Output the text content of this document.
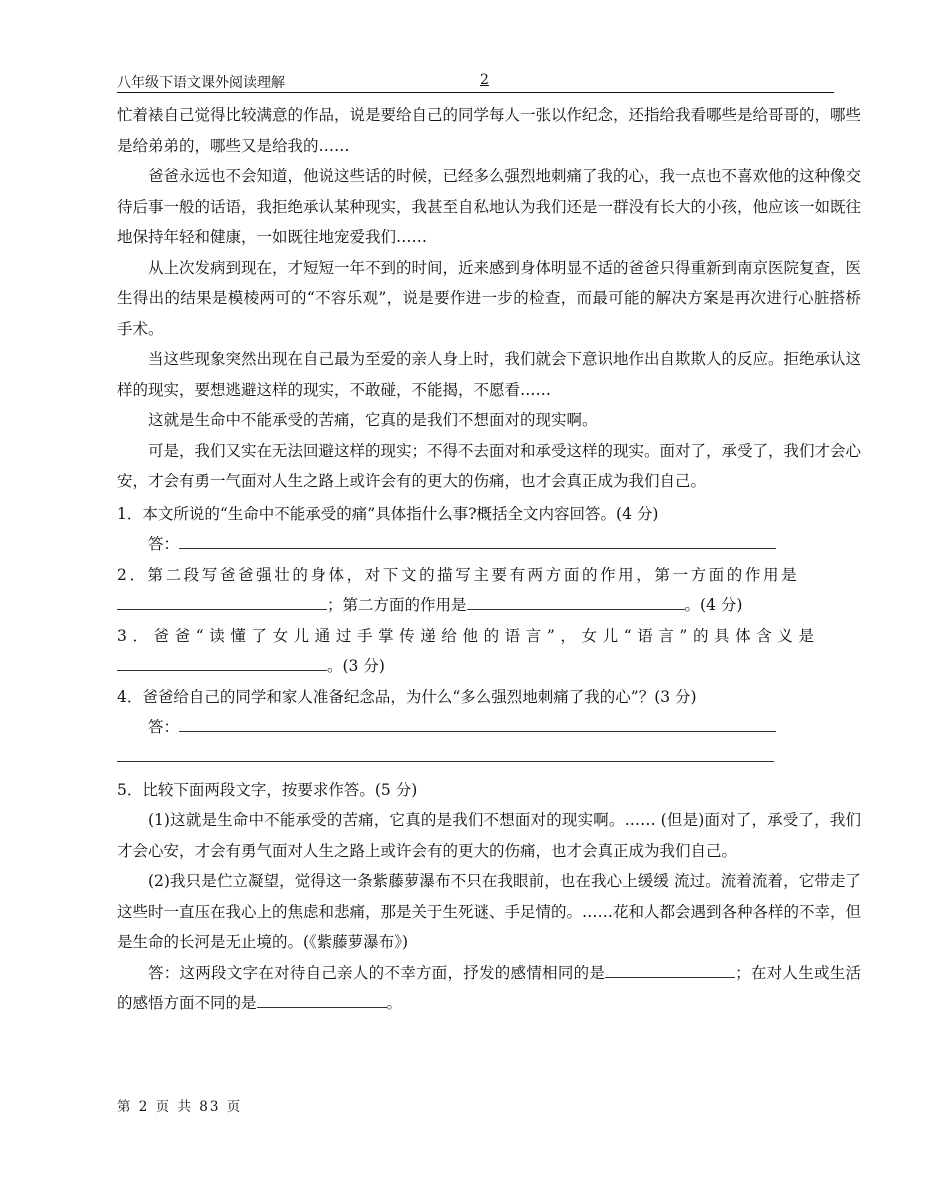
八年级下语文课外阅读理解	2

忙着裱自己觉得比较满意的作品，说是要给自己的同学每人一张以作纪念，还指给我看哪些是给哥哥的，哪些是给弟弟的，哪些又是给我的……

爸爸永远也不会知道，他说这些话的时候，已经多么强烈地刺痛了我的心，我一点也不喜欢他的这种像交待后事一般的话语，我拒绝承认某种现实，我甚至自私地认为我们还是一群没有长大的小孩，他应该一如既往地保持年轻和健康，一如既往地宠爱我们……

从上次发病到现在，才短短一年不到的时间，近来感到身体明显不适的爸爸只得重新到南京医院复查，医生得出的结果是模棱两可的“不容乐观”，说是要作进一步的检查，而最可能的解决方案是再次进行心脏搭桥手术。

当这些现象突然出现在自己最为至爱的亲人身上时，我们就会下意识地作出自欺欺人的反应。拒绝承认这样的现实，要想逃避这样的现实，不敢碰，不能揭，不愿看……

这就是生命中不能承受的苦痛，它真的是我们不想面对的现实啊。

可是，我们又实在无法回避这样的现实；不得不去面对和承受这样的现实。面对了，承受了，我们才会心安，才会有勇一气面对人生之路上或许会有的更大的伤痛，也才会真正成为我们自己。

1．本文所说的“生命中不能承受的痛”具体指什么事?概括全文内容回答。(4 分)

答：

2．第二段写爸爸强壮的身体，对下文的描写主要有两方面的作用，第一方面的作用是

；第二方面的作用是	。(4 分)

3．爸爸“读懂了女儿通过手掌传递给他的语言”，女儿“语言”的具体含义是

。(3 分)

4．爸爸给自己的同学和家人准备纪念品，为什么“多么强烈地刺痛了我的心”？(3 分)

答：

5．比较下面两段文字，按要求作答。(5 分)

(1)这就是生命中不能承受的苦痛，它真的是我们不想面对的现实啊。…… (但是)面对了，承受了，我们才会心安，才会有勇气面对人生之路上或许会有的更大的伤痛，也才会真正成为我们自己。

(2)我只是伫立凝望，觉得这一条紫藤萝瀑布不只在我眼前，也在我心上缓缓 流过。流着流着，它带走了这些时一直压在我心上的焦虑和悲痛，那是关于生死谜、手足情的。……花和人都会遇到各种各样的不幸，但是生命的长河是无止境的。(《紫藤萝瀑布》)

答：这两段文字在对待自己亲人的不幸方面，抒发的感情相同的是	；在对人生或生活的感悟方面不同的是	。

第 2 页 共 83 页
